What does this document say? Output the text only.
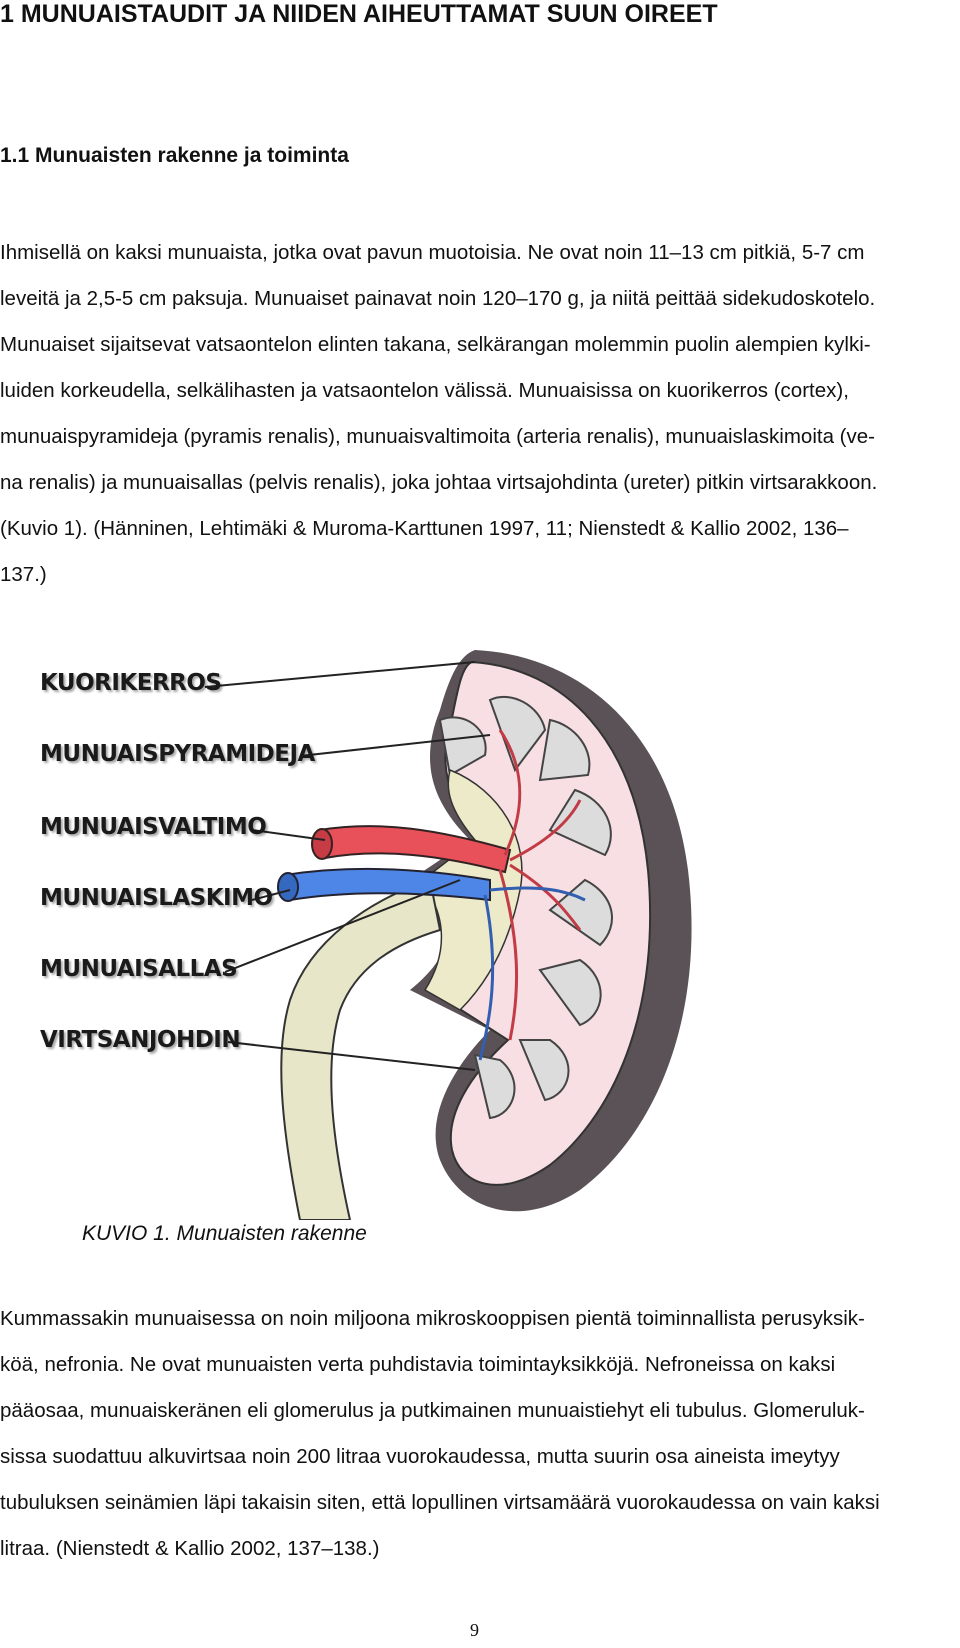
1 MUNUAISTAUDIT JA NIIDEN AIHEUTTAMAT SUUN OIREET
1.1 Munuaisten rakenne ja toiminta
Ihmisellä on kaksi munuaista, jotka ovat pavun muotoisia. Ne ovat noin 11–13 cm pitkiä, 5-7 cm
leveitä ja 2,5-5 cm paksuja. Munuaiset painavat noin 120–170 g, ja niitä peittää sidekudoskotelo.
Munuaiset sijaitsevat vatsaontelon elinten takana, selkärangan molemmin puolin alempien kylki-
luiden korkeudella, selkälihasten ja vatsaontelon välissä. Munuaisissa on kuorikerros (cortex),
munuaispyramideja (pyramis renalis), munuaisvaltimoita (arteria renalis), munuaislaskimoita (ve-
na renalis) ja munuaisallas (pelvis renalis), joka johtaa virtsajohdinta (ureter) pitkin virtsarakkoon.
(Kuvio 1). (Hänninen, Lehtimäki & Muroma-Karttunen 1997, 11; Nienstedt & Kallio 2002, 136–
137.)
KUORIKERROS
MUNUAISPYRAMIDEJA
MUNUAISVALTIMO
MUNUAISLASKIMO
MUNUAISALLAS
VIRTSANJOHDIN
KUVIO 1. Munuaisten rakenne
Kummassakin munuaisessa on noin miljoona mikroskooppisen pientä toiminnallista perusyksik-
köä, nefronia. Ne ovat munuaisten verta puhdistavia toimintayksikköjä. Nefroneissa on kaksi
pääosaa, munuaiskeränen eli glomerulus ja putkimainen munuaistiehyt eli tubulus. Glomeruluk-
sissa suodattuu alkuvirtsaa noin 200 litraa vuorokaudessa, mutta suurin osa aineista imeytyy
tubuluksen seinämien läpi takaisin siten, että lopullinen virtsamäärä vuorokaudessa on vain kaksi
litraa. (Nienstedt & Kallio 2002, 137–138.)
9
